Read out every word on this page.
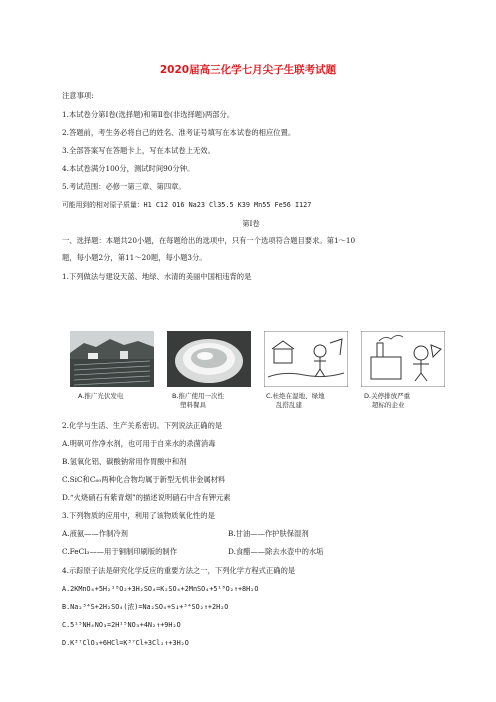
2020届高三化学七月尖子生联考试题
注意事项:
1.本试卷分第Ⅰ卷(选择题)和第Ⅱ卷(非选择题)两部分。
2.答题前，考生务必将自己的姓名、准考证号填写在本试卷的相应位置。
3.全部答案写在答题卡上，写在本试卷上无效。
4.本试卷满分100分，测试时间90分钟。
5.考试范围：必修一第三章、第四章。
可能用到的相对原子质量：H1 C12 O16 Na23 Cl35.5 K39 Mn55 Fe56 I127
第Ⅰ卷
一、选择题：本题共20小题，在每题给出的选项中，只有一个选项符合题目要求。第1～10
题，每小题2分，第11～20题，每小题3分。
1.下列做法与建设天蓝、地绿、水清的美丽中国相违背的是
A.推广光伏发电	B.推广使用一次性
塑料餐具
C.杜绝在湿地、绿地
乱搭乱建
D.关停排放严重
超标的企业
2.化学与生活、生产关系密切。下列说法正确的是
A.明矾可作净水剂，也可用于自来水的杀菌消毒
B.氢氧化铝、碳酸钠常用作胃酸中和剂
C.SiC和C₆₀两种化合物均属于新型无机非金属材料
D.“火烧硝石有紫青烟”的描述说明硝石中含有钾元素
3.下列物质的应用中，利用了该物质氧化性的是
A.液氨——作制冷剂	B.甘油——作护肤保湿剂
C.FeCl₃——用于铜制印刷版的制作	D.食醋——除去水壶中的水垢
4.示踪原子法是研究化学反应的重要方法之一，下列化学方程式正确的是
A.2KMnO₄+5H₂¹⁸O₂+3H₂SO₄=K₂SO₄+2MnSO₄+5¹⁸O₂↑+8H₂O
B.Na₂³⁴S+2H₂SO₄(浓)=Na₂SO₄+S↓+³⁴SO₂↑+2H₂O
C.5¹⁵NH₄NO₃=2H¹⁵NO₃+4N₂↑+9H₂O
D.K³⁷ClO₃+6HCl=K³⁷Cl+3Cl₂↑+3H₂O
